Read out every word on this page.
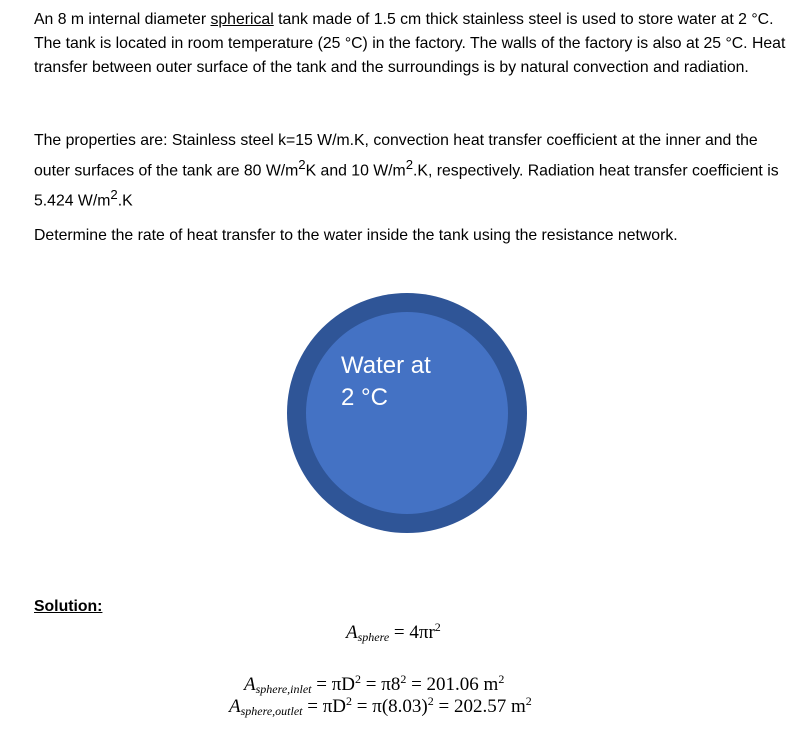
An 8 m internal diameter spherical tank made of 1.5 cm thick stainless steel is used to store water at 2 °C. The tank is located in room temperature (25 °C) in the factory. The walls of the factory is also at 25 °C. Heat transfer between outer surface of the tank and the surroundings is by natural convection and radiation.
The properties are: Stainless steel k=15 W/m.K, convection heat transfer coefficient at the inner and the outer surfaces of the tank are 80 $W/m^2K$ and 10 $W/m^2.K$, respectively. Radiation heat transfer coefficient is 5.424 $W/m^2.K$
Determine the rate of heat transfer to the water inside the tank using the resistance network.
Water at
2 °C
Solution:
$A_{sphere} = 4\pi r^2$
$A_{sphere,inlet} = \pi D^2 = \pi 8^2 = 201.06$ $m^2$
$A_{sphere,outlet} = \pi D^2 = \pi(8.03)^2 = 202.57$ $m^2$
